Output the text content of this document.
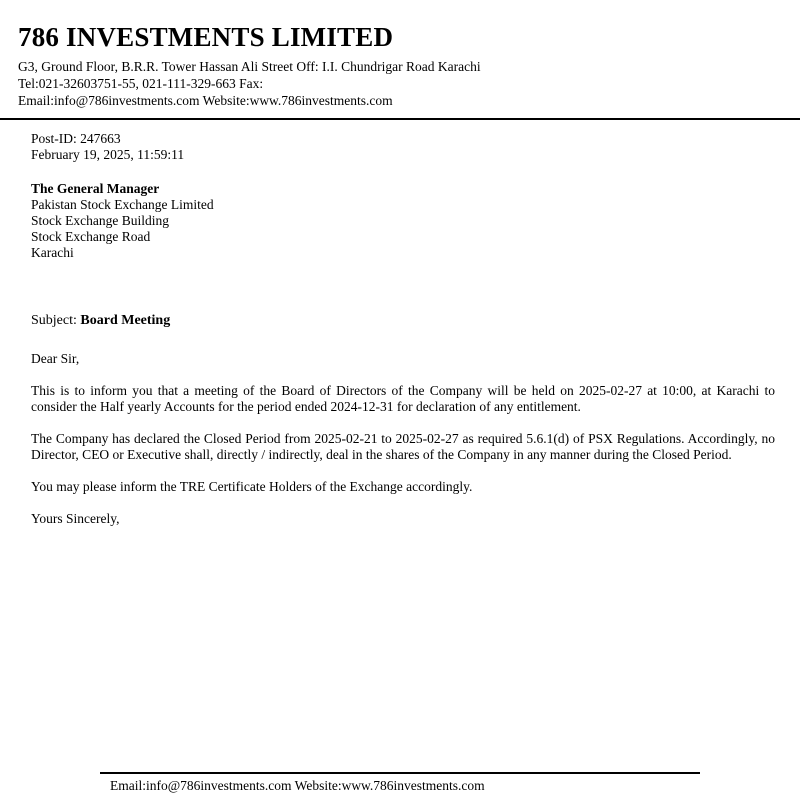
786 INVESTMENTS LIMITED
G3, Ground Floor, B.R.R. Tower Hassan Ali Street Off: I.I. Chundrigar Road Karachi
Tel:021-32603751-55, 021-111-329-663 Fax:
Email:info@786investments.com Website:www.786investments.com
Post-ID: 247663
February 19, 2025, 11:59:11
The General Manager
Pakistan Stock Exchange Limited
Stock Exchange Building
Stock Exchange Road
Karachi
Subject: Board Meeting

Dear Sir,

This is to inform you that a meeting of the Board of Directors of the Company will be held on 2025-02-27 at 10:00, at Karachi to consider the Half yearly Accounts for the period ended 2024-12-31 for declaration of any entitlement.

The Company has declared the Closed Period from 2025-02-21 to 2025-02-27 as required 5.6.1(d) of PSX Regulations. Accordingly, no Director, CEO or Executive shall, directly / indirectly, deal in the shares of the Company in any manner during the Closed Period.

You may please inform the TRE Certificate Holders of the Exchange accordingly.

Yours Sincerely,

Email:info@786investments.com Website:www.786investments.com
